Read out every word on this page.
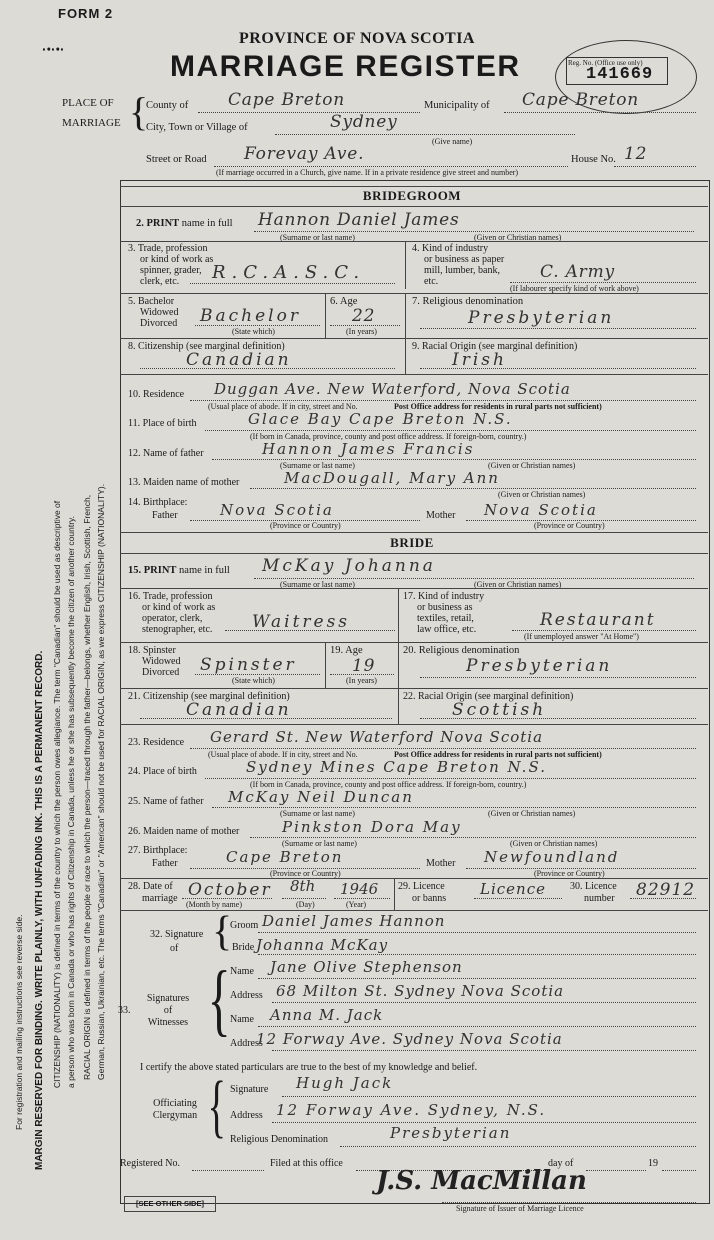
FORM 2
·ꞏ·ꞏ·
PROVINCE OF NOVA SCOTIA
MARRIAGE REGISTER	Reg. No. (Office use only)
141669
For registration and mailing instructions see reverse side. MARGIN RESERVED FOR BINDING. WRITE PLAINLY, WITH UNFADING INK. THIS IS A PERMANENT RECORD. CITIZENSHIP (NATIONALITY) is defined in terms of the country to which the person owes allegiance. The term "Canadian" should be used as descriptive of a person who was born in Canada or who has rights of Citizenship in Canada, unless he or she has subsequently become the citizen of another country. RACIAL ORIGIN is defined in terms of the people or race to which the person—traced through the father—belongs, whether English, Irish, Scottish, French, German, Russian, Ukrainian, etc. The terms "Canadian" or "American" should not be used for RACIAL ORIGIN, as we express CITIZENSHIP (NATIONALITY).
PLACE OF
MARRIAGE {
County of Cape Breton	Municipality of Cape Breton
City, Town or Village of	Sydney
(Give name)
Street or Road Forevay Ave.	House No. 12
(If marriage occurred in a Church, give name. If in a private residence give street and number)
BRIDEGROOM
2. PRINT name in full Hannon Daniel James
(Surname or last name)	(Given or Christian names)
3. Trade, profession
or kind of work as
spinner, grader,
clerk, etc.	R.C.A.S.C.
4. Kind of industry
or business as paper
mill, lumber, bank,
etc.	C. Army
(If labourer specify kind of work above)
5. Bachelor
Widowed
Divorced Bachelor
(State which)
6. Age
22
(In years)
7. Religious denomination
Presbyterian
8. Citizenship (see marginal definition)
Canadian
9. Racial Origin (see marginal definition)
Irish
10. Residence Duggan Ave. New Waterford, Nova Scotia
(Usual place of abode. If in city, street and No.	Post Office address for residents in rural parts not sufficient)
11. Place of birth	Glace Bay Cape Breton N.S.
(If born in Canada, province, county and post office address. If foreign-born, country.)
12. Name of father	Hannon James Francis
(Surname or last name)	(Given or Christian names)
13. Maiden name of mother	MacDougall, Mary Ann
(Given or Christian names)
14. Birthplace:
Father	Nova Scotia
(Province or Country)
Mother Nova Scotia
(Province or Country)
BRIDE
15. PRINT name in full McKay Johanna
(Surname or last name)	(Given or Christian names)
16. Trade, profession
or kind of work as
operator, clerk,
stenographer, etc. Waitress
17. Kind of industry
or business as
textiles, retail,
law office, etc.	Restaurant
(If unemployed answer "At Home")
18. Spinster
Widowed
Divorced Spinster
(State which)
19. Age
19
(In years)
20. Religious denomination
Presbyterian
21. Citizenship (see marginal definition)
Canadian
22. Racial Origin (see marginal definition)
Scottish
23. Residence Gerard St. New Waterford Nova Scotia
(Usual place of abode. If in city, street and No.	Post Office address for residents in rural parts not sufficient)
24. Place of birth	Sydney Mines Cape Breton N.S.
(If born in Canada, province, county and post office address. If foreign-born, country.)
25. Name of father McKay Neil Duncan
(Surname or last name)	(Given or Christian names)
26. Maiden name of mother	Pinkston Dora May
(Surname or last name)	(Given or Christian names)
27. Birthplace:
Father	Cape Breton
(Province or Country)
Mother Newfoundland
(Province or Country)
28. Date of
marriage October 8th 1946
(Month by name)	(Day)	(Year)
29. Licence
or banns
Licence 30. Licence
number 82912
32. Signature
of {
Groom Daniel James Hannon
Bride Johanna McKay
Signatures
of
Witnesses
33. { Name Jane Olive Stephenson
Address 68 Milton St. Sydney Nova Scotia
Name Anna M. Jack
Address
12 Forway Ave. Sydney Nova Scotia
I certify the above stated particulars are true to the best of my knowledge and belief.
Officiating
Clergyman { Signature Hugh Jack
Address 12 Forway Ave. Sydney, N.S.
Religious Denomination	Presbyterian
Registered No.	Filed at this office	day of	19
J.S. MacMillan
Signature of Issuer of Marriage Licence
[SEE OTHER SIDE]
